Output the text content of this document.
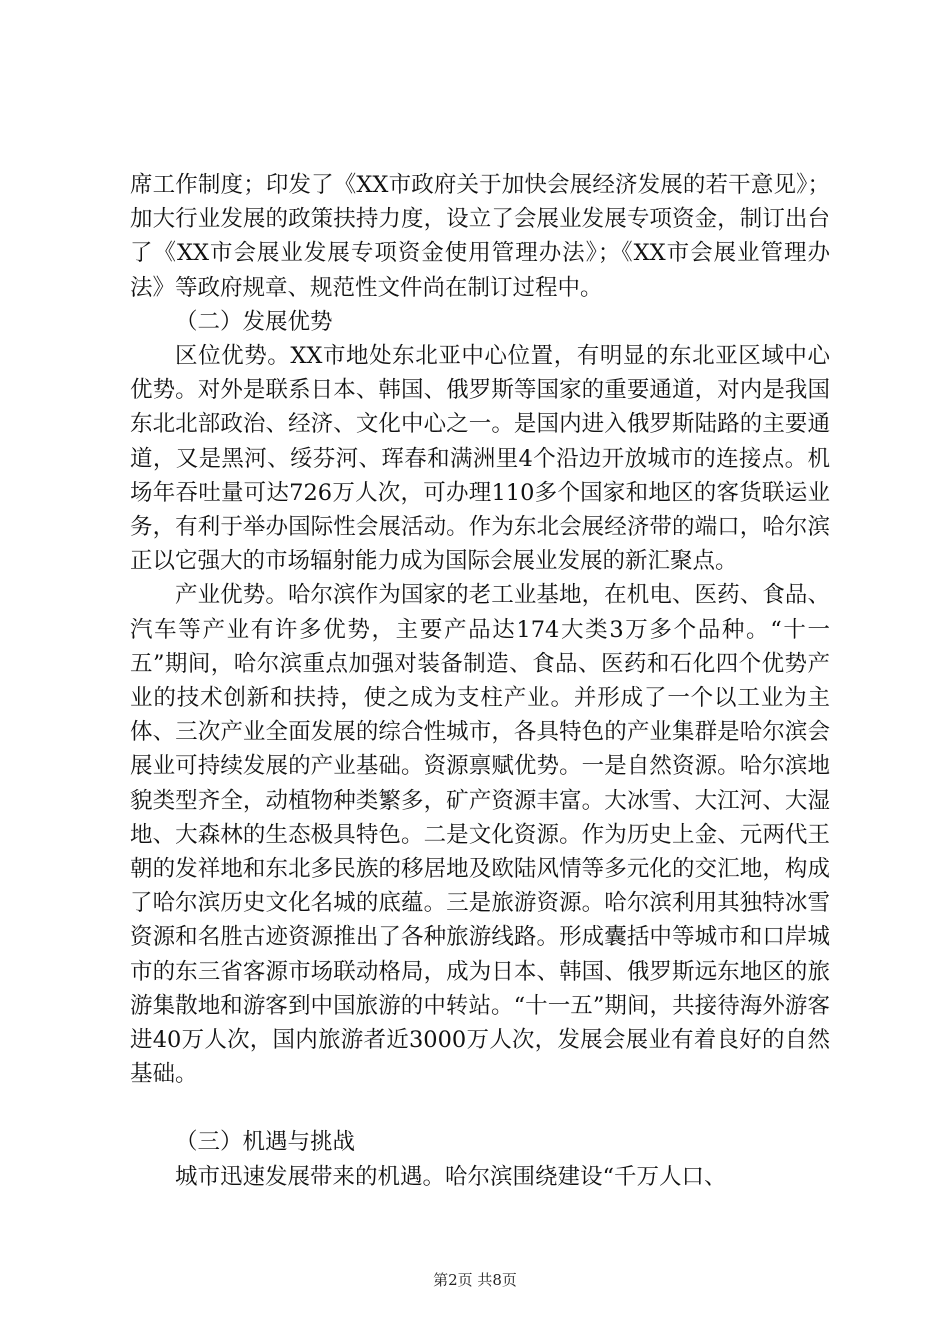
席工作制度；印发了《XX市政府关于加快会展经济发展的若干意见》；加大行业发展的政策扶持力度，设立了会展业发展专项资金，制订出台了《XX市会展业发展专项资金使用管理办法》；《XX市会展业管理办法》等政府规章、规范性文件尚在制订过程中。

（二）发展优势

区位优势。XX市地处东北亚中心位置，有明显的东北亚区域中心优势。对外是联系日本、韩国、俄罗斯等国家的重要通道，对内是我国东北北部政治、经济、文化中心之一。是国内进入俄罗斯陆路的主要通道，又是黑河、绥芬河、珲春和满洲里4个沿边开放城市的连接点。机场年吞吐量可达726万人次，可办理110多个国家和地区的客货联运业务，有利于举办国际性会展活动。作为东北会展经济带的端口，哈尔滨正以它强大的市场辐射能力成为国际会展业发展的新汇聚点。

产业优势。哈尔滨作为国家的老工业基地，在机电、医药、食品、汽车等产业有许多优势，主要产品达174大类3万多个品种。“十一五”期间，哈尔滨重点加强对装备制造、食品、医药和石化四个优势产业的技术创新和扶持，使之成为支柱产业。并形成了一个以工业为主体、三次产业全面发展的综合性城市，各具特色的产业集群是哈尔滨会展业可持续发展的产业基础。资源禀赋优势。一是自然资源。哈尔滨地貌类型齐全，动植物种类繁多，矿产资源丰富。大冰雪、大江河、大湿地、大森林的生态极具特色。二是文化资源。作为历史上金、元两代王朝的发祥地和东北多民族的移居地及欧陆风情等多元化的交汇地，构成了哈尔滨历史文化名城的底蕴。三是旅游资源。哈尔滨利用其独特冰雪资源和名胜古迹资源推出了各种旅游线路。形成囊括中等城市和口岸城市的东三省客源市场联动格局，成为日本、韩国、俄罗斯远东地区的旅游集散地和游客到中国旅游的中转站。“十一五”期间，共接待海外游客进40万人次，国内旅游者近3000万人次，发展会展业有着良好的自然基础。

（三）机遇与挑战

城市迅速发展带来的机遇。哈尔滨围绕建设“千万人口、

第2页 共8页
